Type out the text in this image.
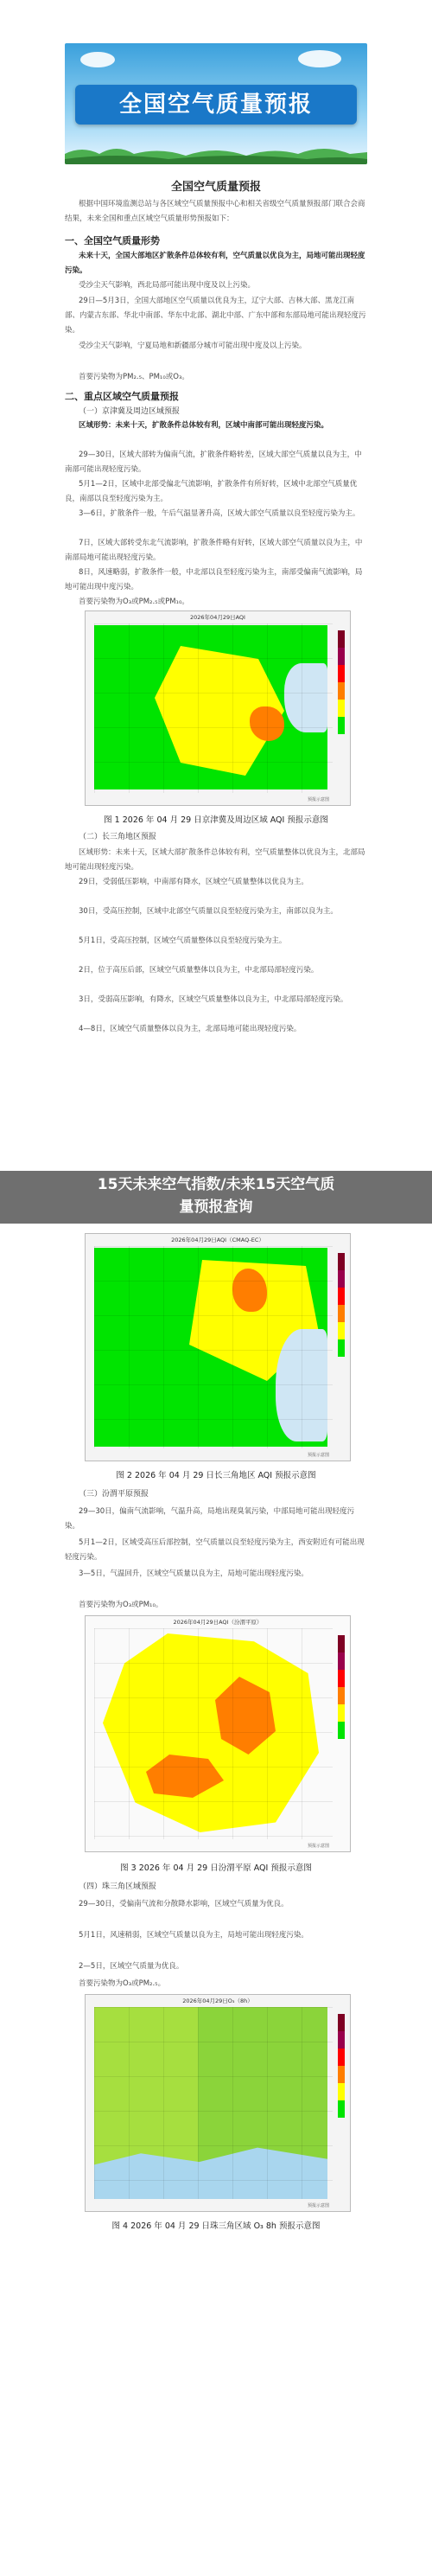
全国空气质量预报
全国空气质量预报
根据中国环境监测总站与各区域空气质量预报中心和相关省级空气质量预报部门联合会商结果，未来全国和重点区域空气质量形势预报如下：
一、全国空气质量形势
未来十天，全国大部地区扩散条件总体较有利，空气质量以优良为主，局地可能出现轻度污染。
受沙尘天气影响，西北局部可能出现中度及以上污染。
29日—5月3日，全国大部地区空气质量以优良为主，辽宁大部、吉林大部、黑龙江南部、内蒙古东部、华北中南部、华东中北部、湖北中部、广东中部和东部局地可能出现轻度污染。
受沙尘天气影响，宁夏局地和新疆部分城市可能出现中度及以上污染。
首要污染物为PM₂.₅、PM₁₀或O₃。
二、重点区域空气质量预报
（一）京津冀及周边区域预报
区域形势：未来十天，扩散条件总体较有利，区域中南部可能出现轻度污染。
29—30日，区域大部转为偏南气流，扩散条件略转差，区域大部空气质量以良为主，中南部可能出现轻度污染。
5月1—2日，区域中北部受偏北气流影响，扩散条件有所好转，区域中北部空气质量优良，南部以良至轻度污染为主。
3—6日，扩散条件一般，午后气温显著升高，区域大部空气质量以良至轻度污染为主。
7日，区域大部转受东北气流影响，扩散条件略有好转，区域大部空气质量以良为主，中南部局地可能出现轻度污染。
8日，风速略弱，扩散条件一般，中北部以良至轻度污染为主，南部受偏南气流影响，局地可能出现中度污染。
首要污染物为O₃或PM₂.₅或PM₁₀。
2026年04月29日AQI
预报示意图
图 1 2026 年 04 月 29 日京津冀及周边区域 AQI 预报示意图
（二）长三角地区预报
区域形势：未来十天，区域大部扩散条件总体较有利，空气质量整体以优良为主，北部局地可能出现轻度污染。
29日，受弱低压影响，中南部有降水，区域空气质量整体以优良为主。
30日，受高压控制，区域中北部空气质量以良至轻度污染为主，南部以良为主。
5月1日，受高压控制，区域空气质量整体以良至轻度污染为主。
2日，位于高压后部，区域空气质量整体以良为主，中北部局部轻度污染。
3日，受弱高压影响，有降水，区域空气质量整体以良为主，中北部局部轻度污染。
4—8日，区域空气质量整体以良为主，北部局地可能出现轻度污染。
15天未来空气指数/未来15天空气质
量预报查询
2026年04月29日AQI（CMAQ-EC）
预报示意图
图 2 2026 年 04 月 29 日长三角地区 AQI 预报示意图
（三）汾渭平原预报
29—30日，偏南气流影响，气温升高，局地出现臭氧污染，中部局地可能出现轻度污染。
5月1—2日，区域受高压后部控制，空气质量以良至轻度污染为主，西安附近有可能出现轻度污染。
3—5日，气温回升，区域空气质量以良为主，局地可能出现轻度污染。
首要污染物为O₃或PM₁₀。
2026年04月29日AQI（汾渭平原）
预报示意图
图 3 2026 年 04 月 29 日汾渭平原 AQI 预报示意图
（四）珠三角区域预报
29—30日，受偏南气流和分散降水影响，区域空气质量为优良。
5月1日，风速稍弱，区域空气质量以良为主，局地可能出现轻度污染。
2—5日，区域空气质量为优良。
首要污染物为O₃或PM₂.₅。
2026年04月29日O₃（8h）
预报示意图
图 4 2026 年 04 月 29 日珠三角区域 O₃ 8h 预报示意图
